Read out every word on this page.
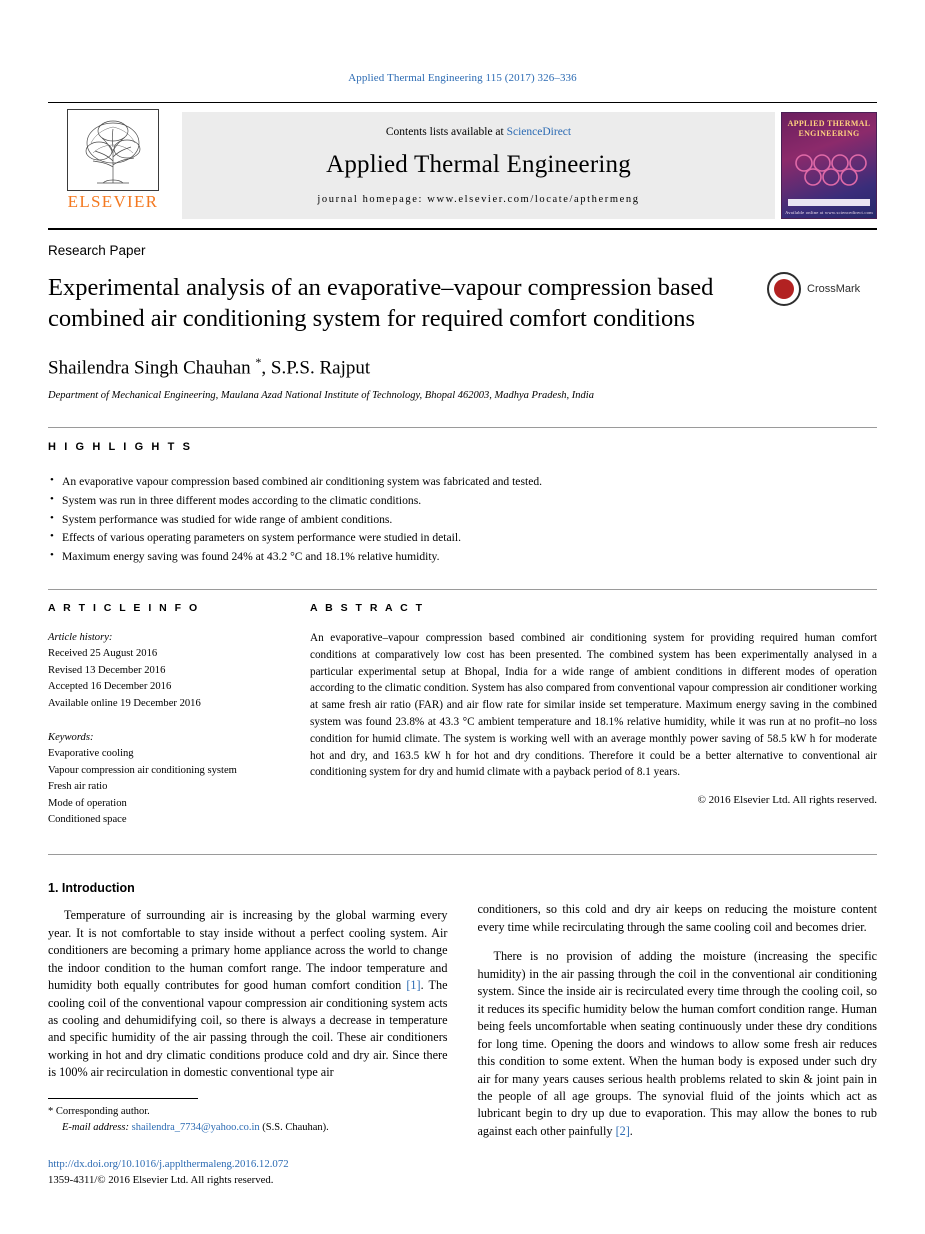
Applied Thermal Engineering 115 (2017) 326–336
ELSEVIER
Contents lists available at ScienceDirect
Applied Thermal Engineering
journal homepage: www.elsevier.com/locate/apthermeng
APPLIED THERMAL ENGINEERING
Available online at www.sciencedirect.com
Research Paper
Experimental analysis of an evaporative–vapour compression based combined air conditioning system for required comfort conditions
Shailendra Singh Chauhan *, S.P.S. Rajput
Department of Mechanical Engineering, Maulana Azad National Institute of Technology, Bhopal 462003, Madhya Pradesh, India
CrossMark
H I G H L I G H T S
• An evaporative vapour compression based combined air conditioning system was fabricated and tested.
• System was run in three different modes according to the climatic conditions.
• System performance was studied for wide range of ambient conditions.
• Effects of various operating parameters on system performance were studied in detail.
• Maximum energy saving was found 24% at 43.2 °C and 18.1% relative humidity.
A R T I C L E I N F O
Article history:
Received 25 August 2016
Revised 13 December 2016
Accepted 16 December 2016
Available online 19 December 2016
Keywords:
Evaporative cooling
Vapour compression air conditioning system
Fresh air ratio
Mode of operation
Conditioned space
A B S T R A C T
An evaporative–vapour compression based combined air conditioning system for providing required human comfort conditions at comparatively low cost has been presented. The combined system has been experimentally analysed in a particular experimental setup at Bhopal, India for a wide range of ambient conditions in different modes of operation according to the climatic condition. System has also compared from conventional vapour compression air conditioner working at same fresh air ratio (FAR) and air flow rate for similar inside set temperature. Maximum energy saving in the combined system was found 23.8% at 43.3 °C ambient temperature and 18.1% relative humidity, while it was run at no profit–no loss condition for humid climate. The system is working well with an average monthly power saving of 58.5 kW h for moderate hot and dry, and 163.5 kW h for hot and dry conditions. Therefore it could be a better alternative to conventional air conditioning system for dry and humid climate with a payback period of 8.1 years.
© 2016 Elsevier Ltd. All rights reserved.
1. Introduction

Temperature of surrounding air is increasing by the global warming every year. It is not comfortable to stay inside without a perfect cooling system. Air conditioners are becoming a primary home appliance across the world to change the indoor condition to the human comfort range. The indoor temperature and humidity both equally contributes for good human comfort condition [1]. The cooling coil of the conventional vapour compression air conditioning system acts as cooling and dehumidifying coil, so there is always a decrease in temperature and specific humidity of the air passing through the coil. These air conditioners working in hot and dry climatic conditions produce cold and dry air. Since there is 100% air recirculation in domestic conventional type air

* Corresponding author.
E-mail address: shailendra_7734@yahoo.co.in (S.S. Chauhan).
http://dx.doi.org/10.1016/j.applthermaleng.2016.12.072
1359-4311/© 2016 Elsevier Ltd. All rights reserved.

conditioners, so this cold and dry air keeps on reducing the moisture content every time while recirculating through the same cooling coil and becomes drier.

There is no provision of adding the moisture (increasing the specific humidity) in the air passing through the coil in the conventional air conditioning system. Since the inside air is recirculated every time through the cooling coil, so it reduces its specific humidity below the human comfort condition range. Human being feels uncomfortable when seating continuously under these dry conditions for long time. Opening the doors and windows to allow some fresh air reduces this condition to some extent. When the human body is exposed under such dry air for many years causes serious health problems related to skin & joint pain in the people of all age groups. The synovial fluid of the joints which act as lubricant begin to dry up due to evaporation. This may allow the bones to rub against each other painfully [2].
